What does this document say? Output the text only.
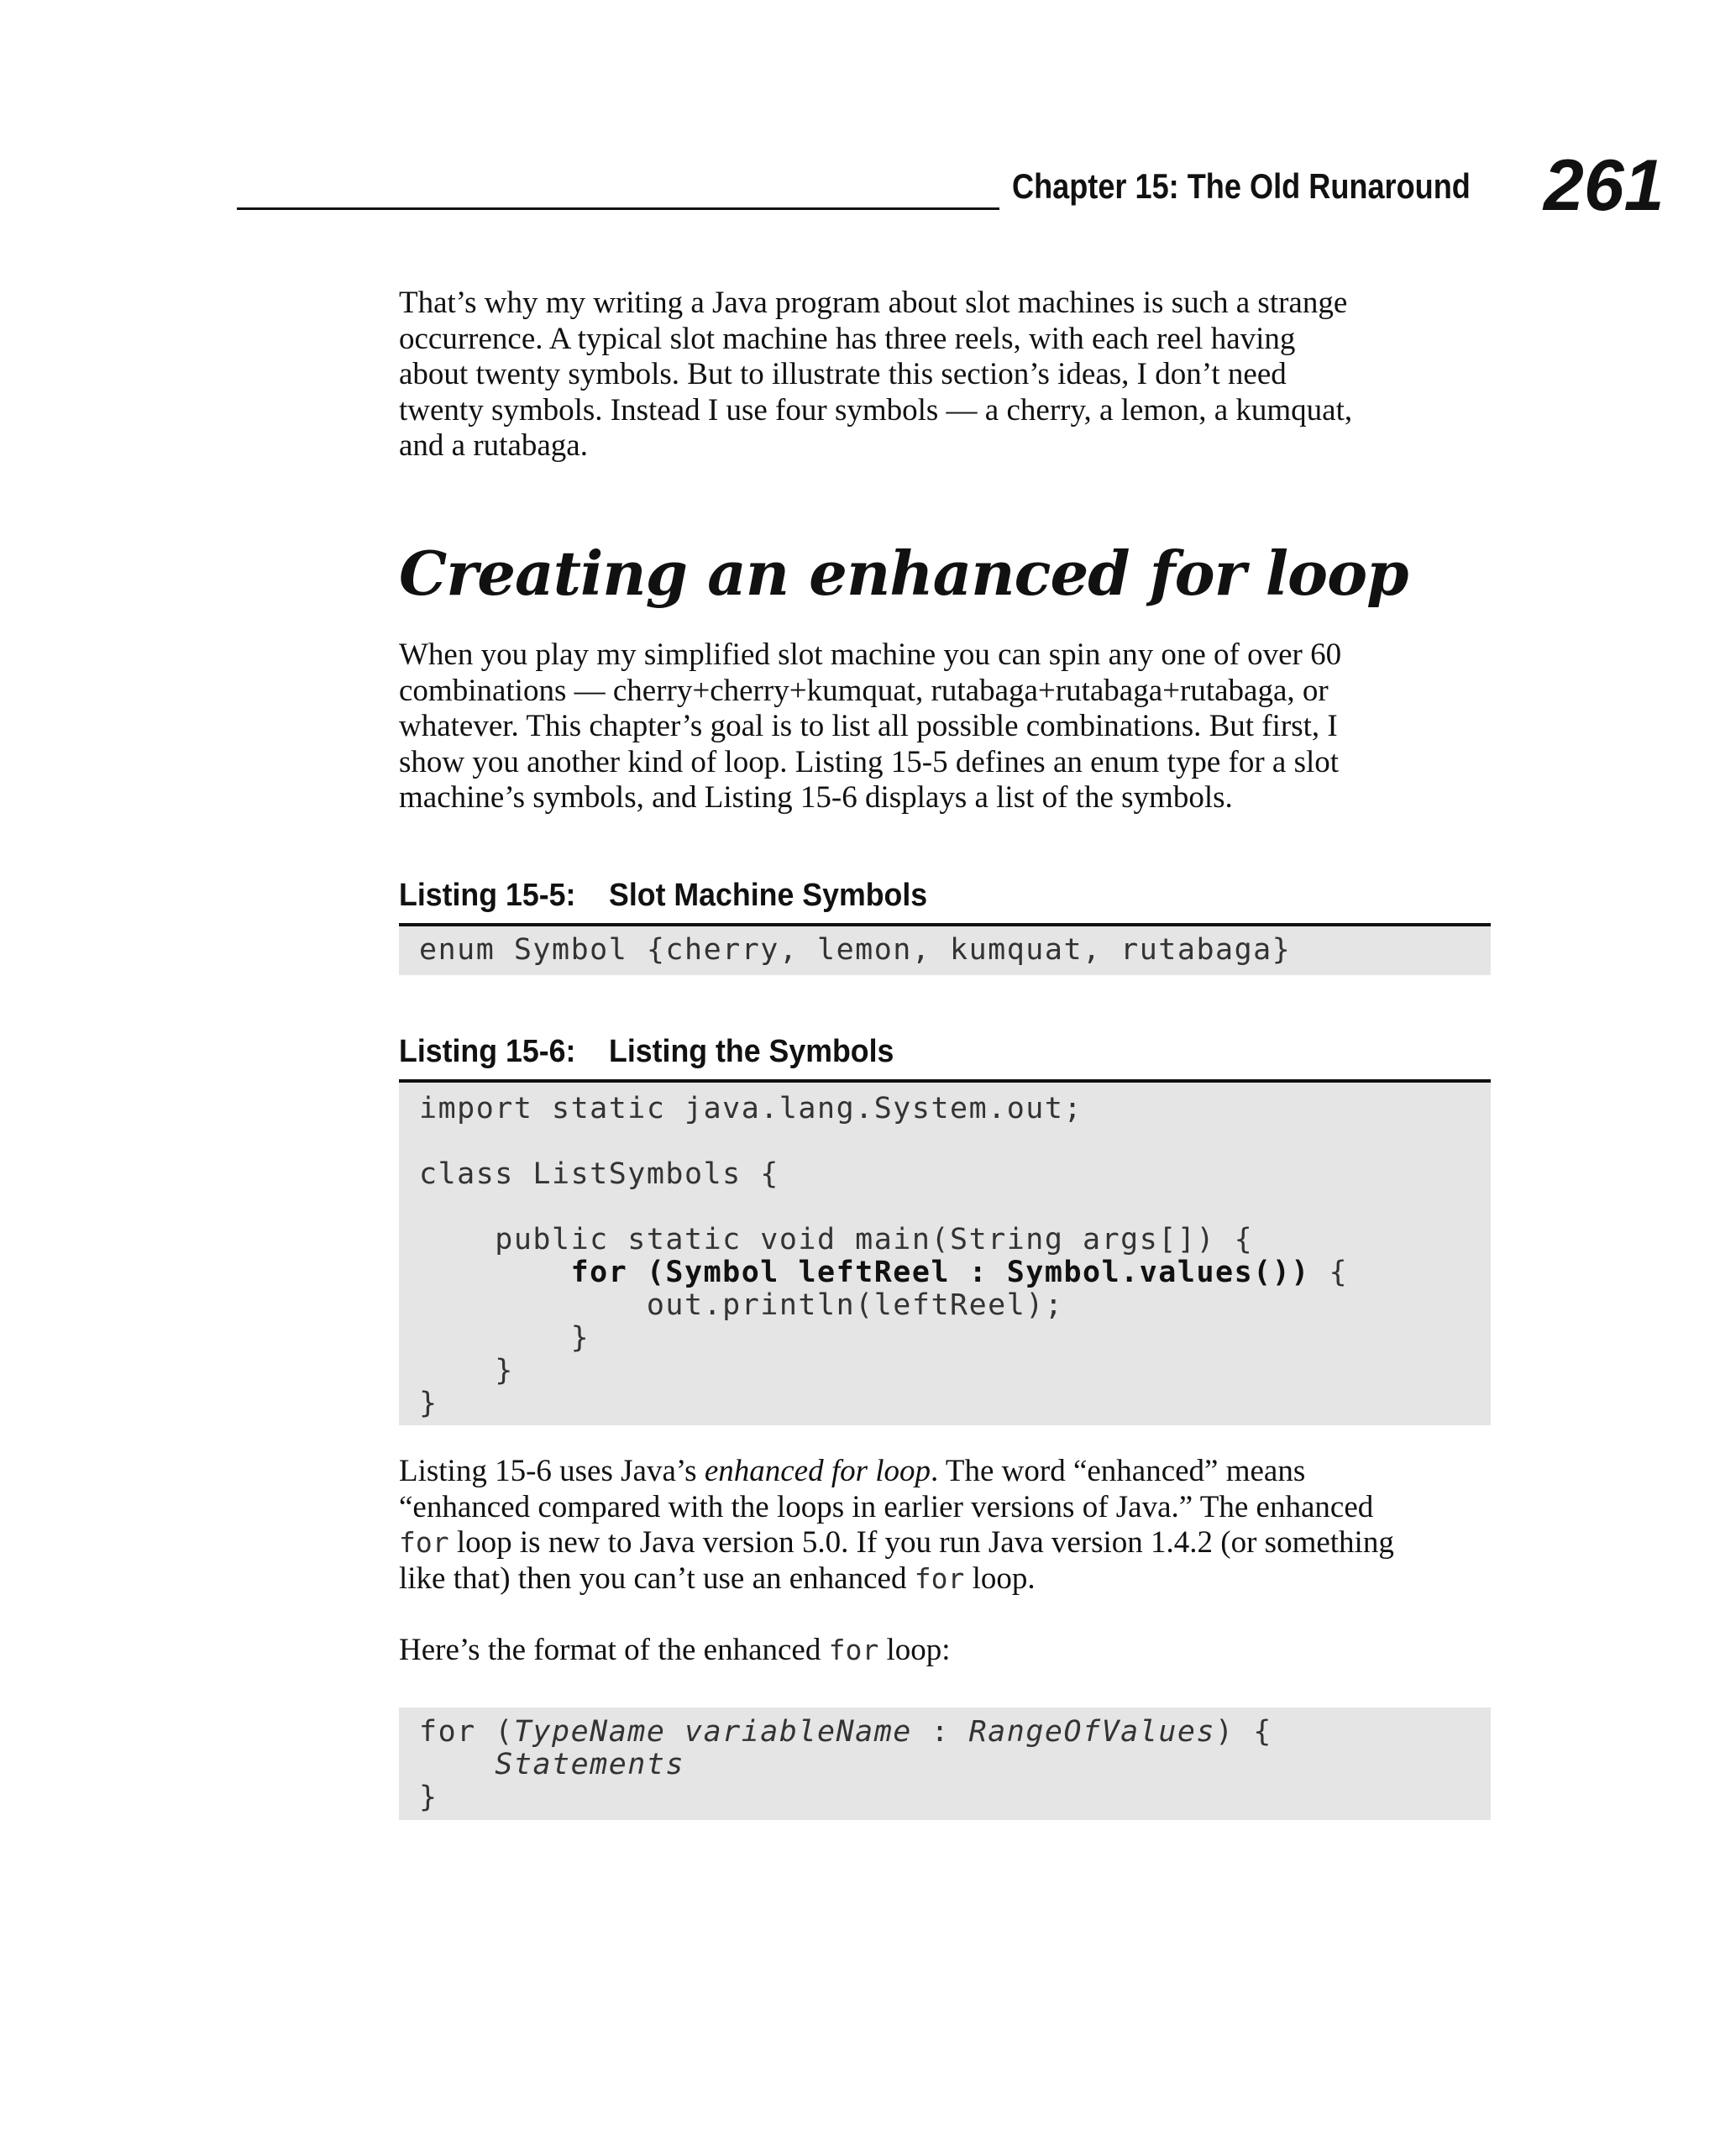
Chapter 15: The Old Runaround 261
That’s why my writing a Java program about slot machines is such a strange
occurrence. A typical slot machine has three reels, with each reel having
about twenty symbols. But to illustrate this section’s ideas, I don’t need
twenty symbols. Instead I use four symbols — a cherry, a lemon, a kumquat,
and a rutabaga.
Creating an enhanced for loop
When you play my simplified slot machine you can spin any one of over 60
combinations — cherry+cherry+kumquat, rutabaga+rutabaga+rutabaga, or
whatever. This chapter’s goal is to list all possible combinations. But first, I
show you another kind of loop. Listing 15-5 defines an enum type for a slot
machine’s symbols, and Listing 15-6 displays a list of the symbols.
Listing 15-5: Slot Machine Symbols
enum Symbol {cherry, lemon, kumquat, rutabaga}
Listing 15-6: Listing the Symbols
import static java.lang.System.out;

class ListSymbols {

public static void main(String args[]) {
for (Symbol leftReel : Symbol.values()) {
out.println(leftReel);
}
}
}
Listing 15-6 uses Java’s enhanced for loop. The word “enhanced” means
“enhanced compared with the loops in earlier versions of Java.” The enhanced
for loop is new to Java version 5.0. If you run Java version 1.4.2 (or something
like that) then you can’t use an enhanced for loop.
Here’s the format of the enhanced for loop:
for (TypeName variableName : RangeOfValues) {
Statements
}
